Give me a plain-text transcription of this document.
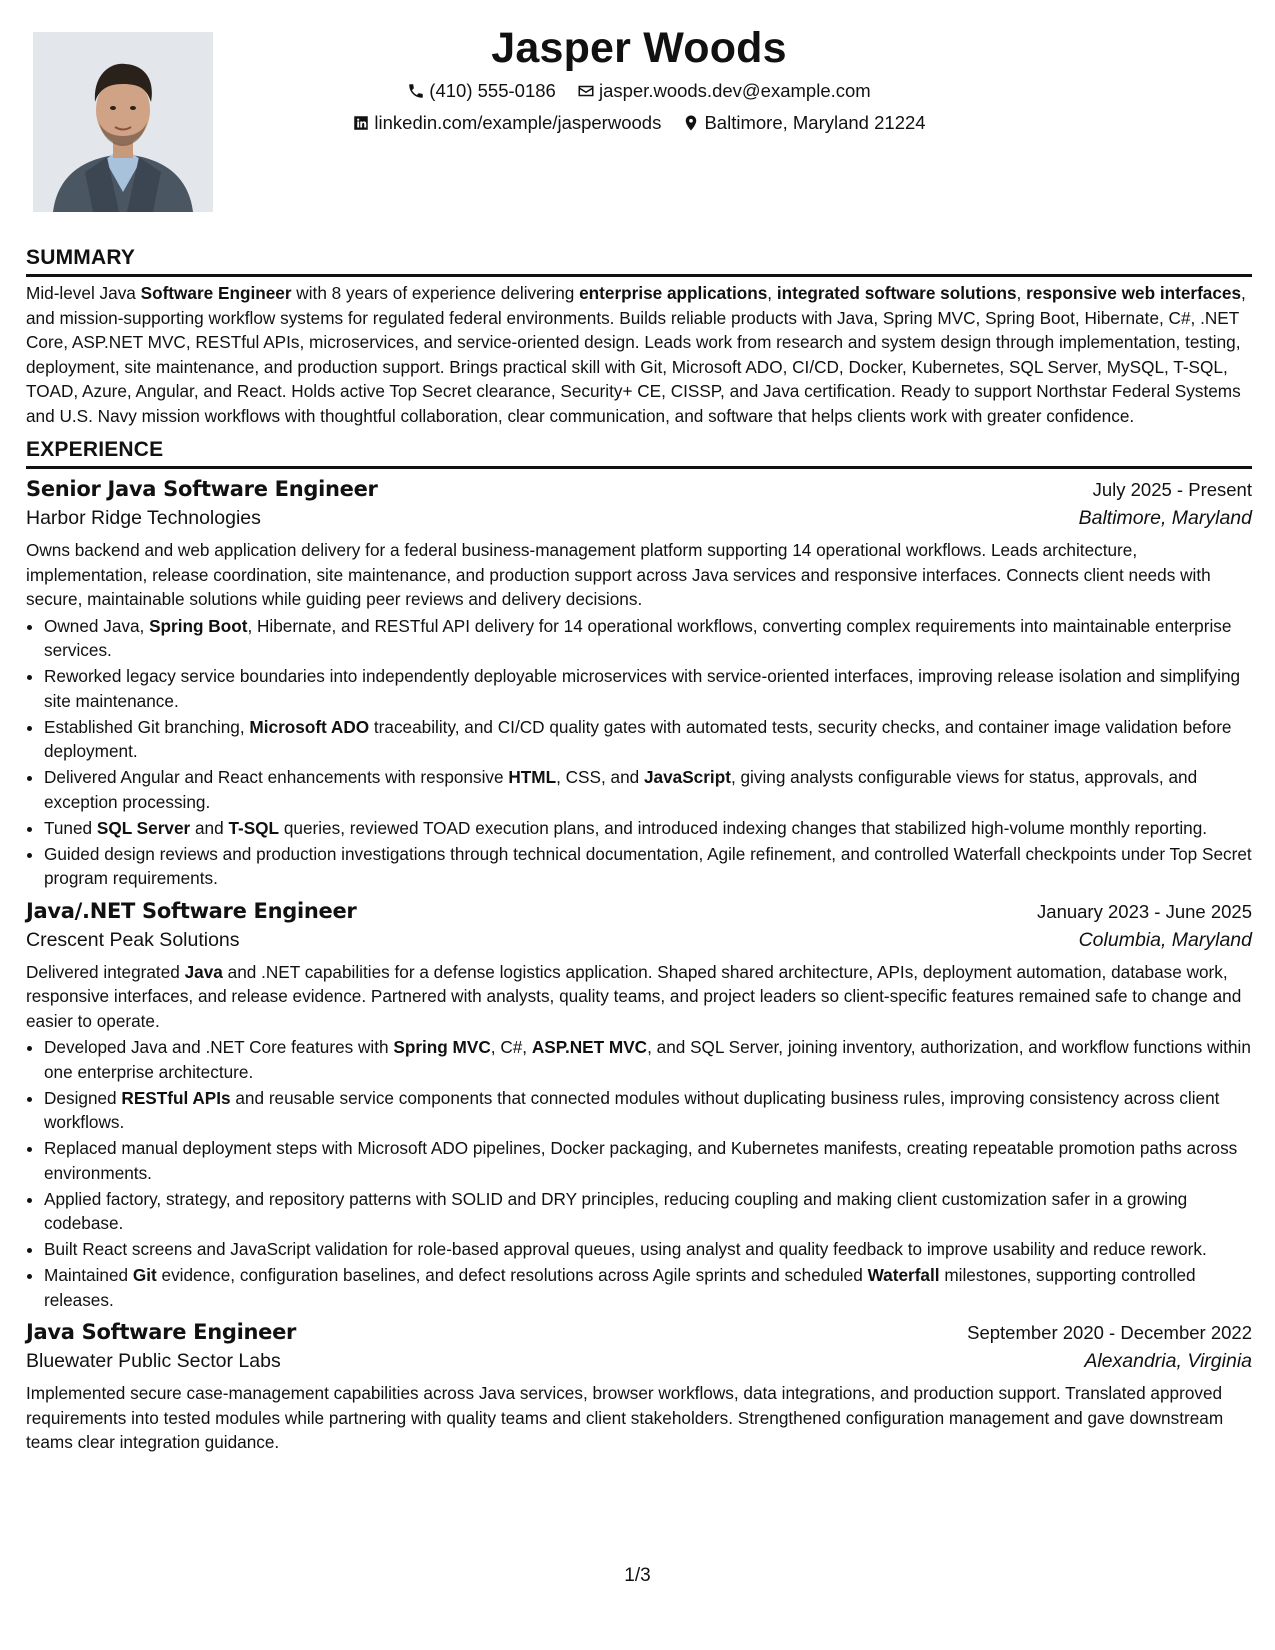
Jasper Woods
(410) 555-0186
jasper.woods.dev@example.com
linkedin.com/example/jasperwoods
Baltimore, Maryland 21224
SUMMARY

Mid-level Java Software Engineer with 8 years of experience delivering enterprise applications, integrated software solutions, responsive web interfaces, and mission-supporting workflow systems for regulated federal environments. Builds reliable products with Java, Spring MVC, Spring Boot, Hibernate, C#, .NET Core, ASP.NET MVC, RESTful APIs, microservices, and service-oriented design. Leads work from research and system design through implementation, testing, deployment, site maintenance, and production support. Brings practical skill with Git, Microsoft ADO, CI/CD, Docker, Kubernetes, SQL Server, MySQL, T-SQL, TOAD, Azure, Angular, and React. Holds active Top Secret clearance, Security+ CE, CISSP, and Java certification. Ready to support Northstar Federal Systems and U.S. Navy mission workflows with thoughtful collaboration, clear communication, and software that helps clients work with greater confidence.

EXPERIENCE
Senior Java Software Engineer	July 2025 - Present
Harbor Ridge Technologies	Baltimore, Maryland

Owns backend and web application delivery for a federal business-management platform supporting 14 operational workflows. Leads architecture, implementation, release coordination, site maintenance, and production support across Java services and responsive interfaces. Connects client needs with secure, maintainable solutions while guiding peer reviews and delivery decisions.

• Owned Java, Spring Boot, Hibernate, and RESTful API delivery for 14 operational workflows, converting complex requirements into maintainable enterprise services.
• Reworked legacy service boundaries into independently deployable microservices with service-oriented interfaces, improving release isolation and simplifying site maintenance.
• Established Git branching, Microsoft ADO traceability, and CI/CD quality gates with automated tests, security checks, and container image validation before deployment.
• Delivered Angular and React enhancements with responsive HTML, CSS, and JavaScript, giving analysts configurable views for status, approvals, and exception processing.
• Tuned SQL Server and T-SQL queries, reviewed TOAD execution plans, and introduced indexing changes that stabilized high-volume monthly reporting.
• Guided design reviews and production investigations through technical documentation, Agile refinement, and controlled Waterfall checkpoints under Top Secret program requirements.
Java/.NET Software Engineer	January 2023 - June 2025
Crescent Peak Solutions	Columbia, Maryland

Delivered integrated Java and .NET capabilities for a defense logistics application. Shaped shared architecture, APIs, deployment automation, database work, responsive interfaces, and release evidence. Partnered with analysts, quality teams, and project leaders so client-specific features remained safe to change and easier to operate.

• Developed Java and .NET Core features with Spring MVC, C#, ASP.NET MVC, and SQL Server, joining inventory, authorization, and workflow functions within one enterprise architecture.
• Designed RESTful APIs and reusable service components that connected modules without duplicating business rules, improving consistency across client workflows.
• Replaced manual deployment steps with Microsoft ADO pipelines, Docker packaging, and Kubernetes manifests, creating repeatable promotion paths across environments.
• Applied factory, strategy, and repository patterns with SOLID and DRY principles, reducing coupling and making client customization safer in a growing codebase.
• Built React screens and JavaScript validation for role-based approval queues, using analyst and quality feedback to improve usability and reduce rework.
• Maintained Git evidence, configuration baselines, and defect resolutions across Agile sprints and scheduled Waterfall milestones, supporting controlled releases.
Java Software Engineer	September 2020 - December 2022
Bluewater Public Sector Labs	Alexandria, Virginia

Implemented secure case-management capabilities across Java services, browser workflows, data integrations, and production support. Translated approved requirements into tested modules while partnering with quality teams and client stakeholders. Strengthened configuration management and gave downstream teams clear integration guidance.

1/3
